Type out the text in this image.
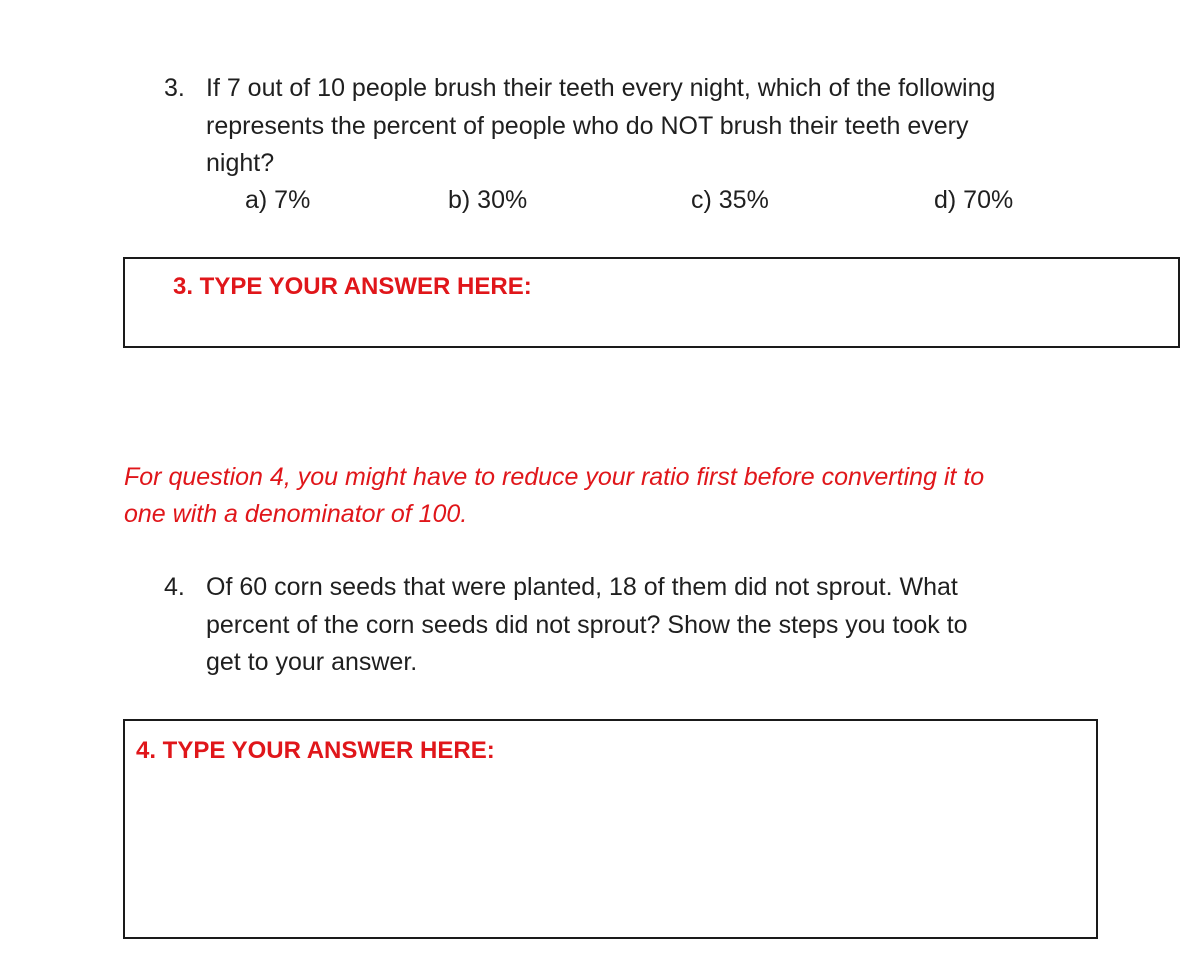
3. If 7 out of 10 people brush their teeth every night, which of the following
represents the percent of people who do NOT brush their teeth every
night?
a) 7%	b) 30%	c) 35%	d) 70%
3. TYPE YOUR ANSWER HERE:
For question 4, you might have to reduce your ratio first before converting it to
one with a denominator of 100.
4. Of 60 corn seeds that were planted, 18 of them did not sprout. What
percent of the corn seeds did not sprout? Show the steps you took to
get to your answer.
4. TYPE YOUR ANSWER HERE:
